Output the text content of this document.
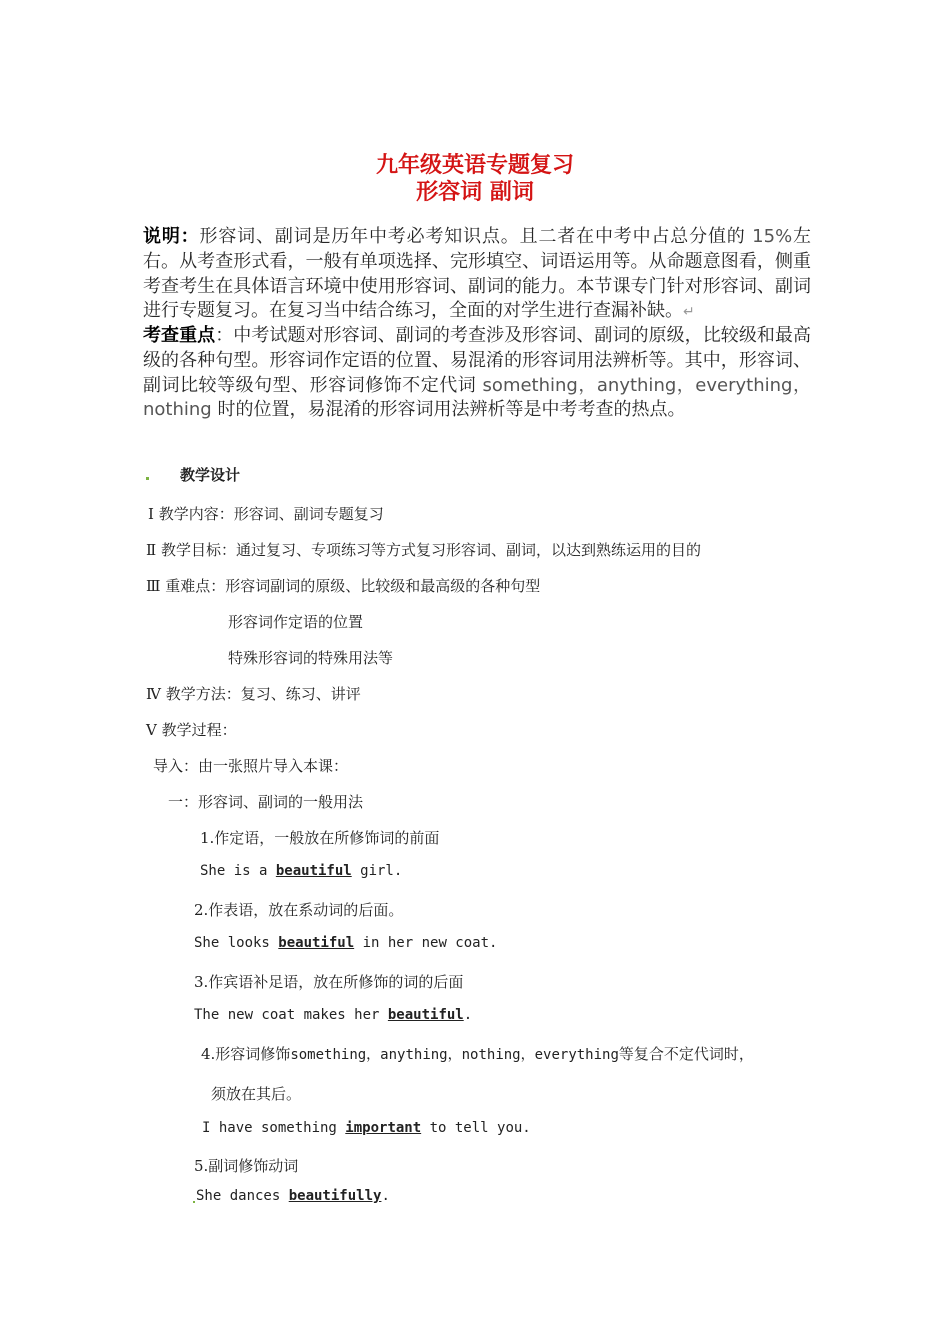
九年级英语专题复习
形容词 副词
说明：形容词、副词是历年中考必考知识点。且二者在中考中占总分值的 15%左右。从考查形式看，一般有单项选择、完形填空、词语运用等。从命题意图看，侧重考查考生在具体语言环境中使用形容词、副词的能力。本节课专门针对形容词、副词进行专题复习。在复习当中结合练习，全面的对学生进行查漏补缺。↵
考查重点：中考试题对形容词、副词的考查涉及形容词、副词的原级，比较级和最高级的各种句型。形容词作定语的位置、易混淆的形容词用法辨析等。其中，形容词、副词比较等级句型、形容词修饰不定代词 something，anything，everything，nothing 时的位置，易混淆的形容词用法辨析等是中考考查的热点。
教学设计
Ⅰ 教学内容：形容词、副词专题复习
Ⅱ 教学目标：通过复习、专项练习等方式复习形容词、副词，以达到熟练运用的目的
Ⅲ 重难点：形容词副词的原级、比较级和最高级的各种句型
形容词作定语的位置
特殊形容词的特殊用法等
Ⅳ 教学方法：复习、练习、讲评
Ⅴ 教学过程：
导入：由一张照片导入本课：
一：形容词、副词的一般用法
1.作定语，一般放在所修饰词的前面
She is a beautiful girl.
2.作表语，放在系动词的后面。
She looks beautiful in her new coat.
3.作宾语补足语，放在所修饰的词的后面
The new coat makes her beautiful.
4.形容词修饰something，anything，nothing，everything等复合不定代词时，
须放在其后。
I have something important to tell you.
5.副词修饰动词
She dances beautifully.
